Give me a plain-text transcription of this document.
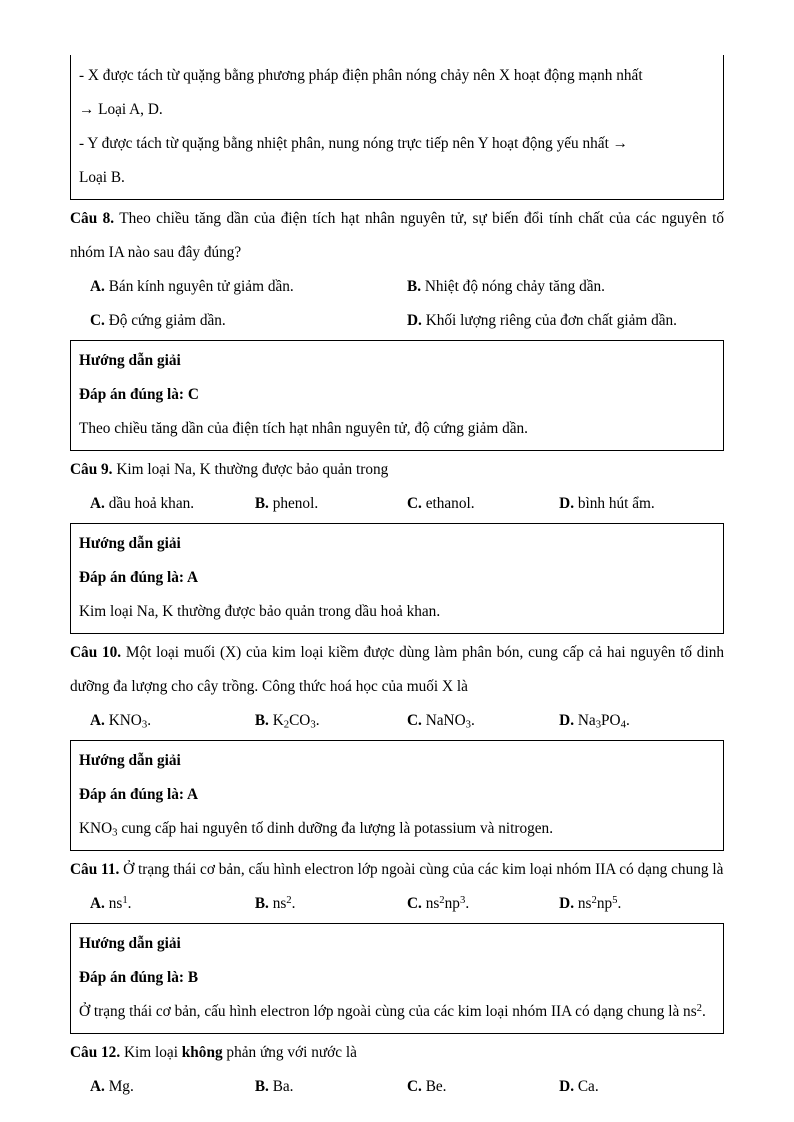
- X được tách từ quặng bằng phương pháp điện phân nóng chảy nên X hoạt động mạnh nhất

→ Loại A, D.

- Y được tách từ quặng bằng nhiệt phân, nung nóng trực tiếp nên Y hoạt động yếu nhất →

Loại B.

Câu 8. Theo chiều tăng dần của điện tích hạt nhân nguyên tử, sự biến đổi tính chất của các nguyên tố nhóm IA nào sau đây đúng?

A. Bán kính nguyên tử giảm dần.	B. Nhiệt độ nóng chảy tăng dần.
C. Độ cứng giảm dần.	D. Khối lượng riêng của đơn chất giảm dần.

Hướng dẫn giải

Đáp án đúng là: C

Theo chiều tăng dần của điện tích hạt nhân nguyên tử, độ cứng giảm dần.

Câu 9. Kim loại Na, K thường được bảo quản trong

A. dầu hoả khan.	B. phenol.	C. ethanol.	D. bình hút ẩm.

Hướng dẫn giải

Đáp án đúng là: A

Kim loại Na, K thường được bảo quản trong dầu hoả khan.

Câu 10. Một loại muối (X) của kim loại kiềm được dùng làm phân bón, cung cấp cả hai nguyên tố dinh dưỡng đa lượng cho cây trồng. Công thức hoá học của muối X là

A. $KNO_3$.	B. $K_2CO_3$.	C. NaNO$_3$.	D. $Na_3PO_4$.

Hướng dẫn giải

Đáp án đúng là: A

$KNO_3$ cung cấp hai nguyên tố dinh dưỡng đa lượng là potassium và nitrogen.

Câu 11. Ở trạng thái cơ bản, cấu hình electron lớp ngoài cùng của các kim loại nhóm IIA có dạng chung là

A. $ns^1$.	B. $ns^2$.	C. $ns^2np^3$.	D. $ns^2np^5$.

Hướng dẫn giải

Đáp án đúng là: B

Ở trạng thái cơ bản, cấu hình electron lớp ngoài cùng của các kim loại nhóm IIA có dạng chung là $ns^2$.

Câu 12. Kim loại không phản ứng với nước là

A. Mg.	B. Ba.	C. Be.	D. Ca.
